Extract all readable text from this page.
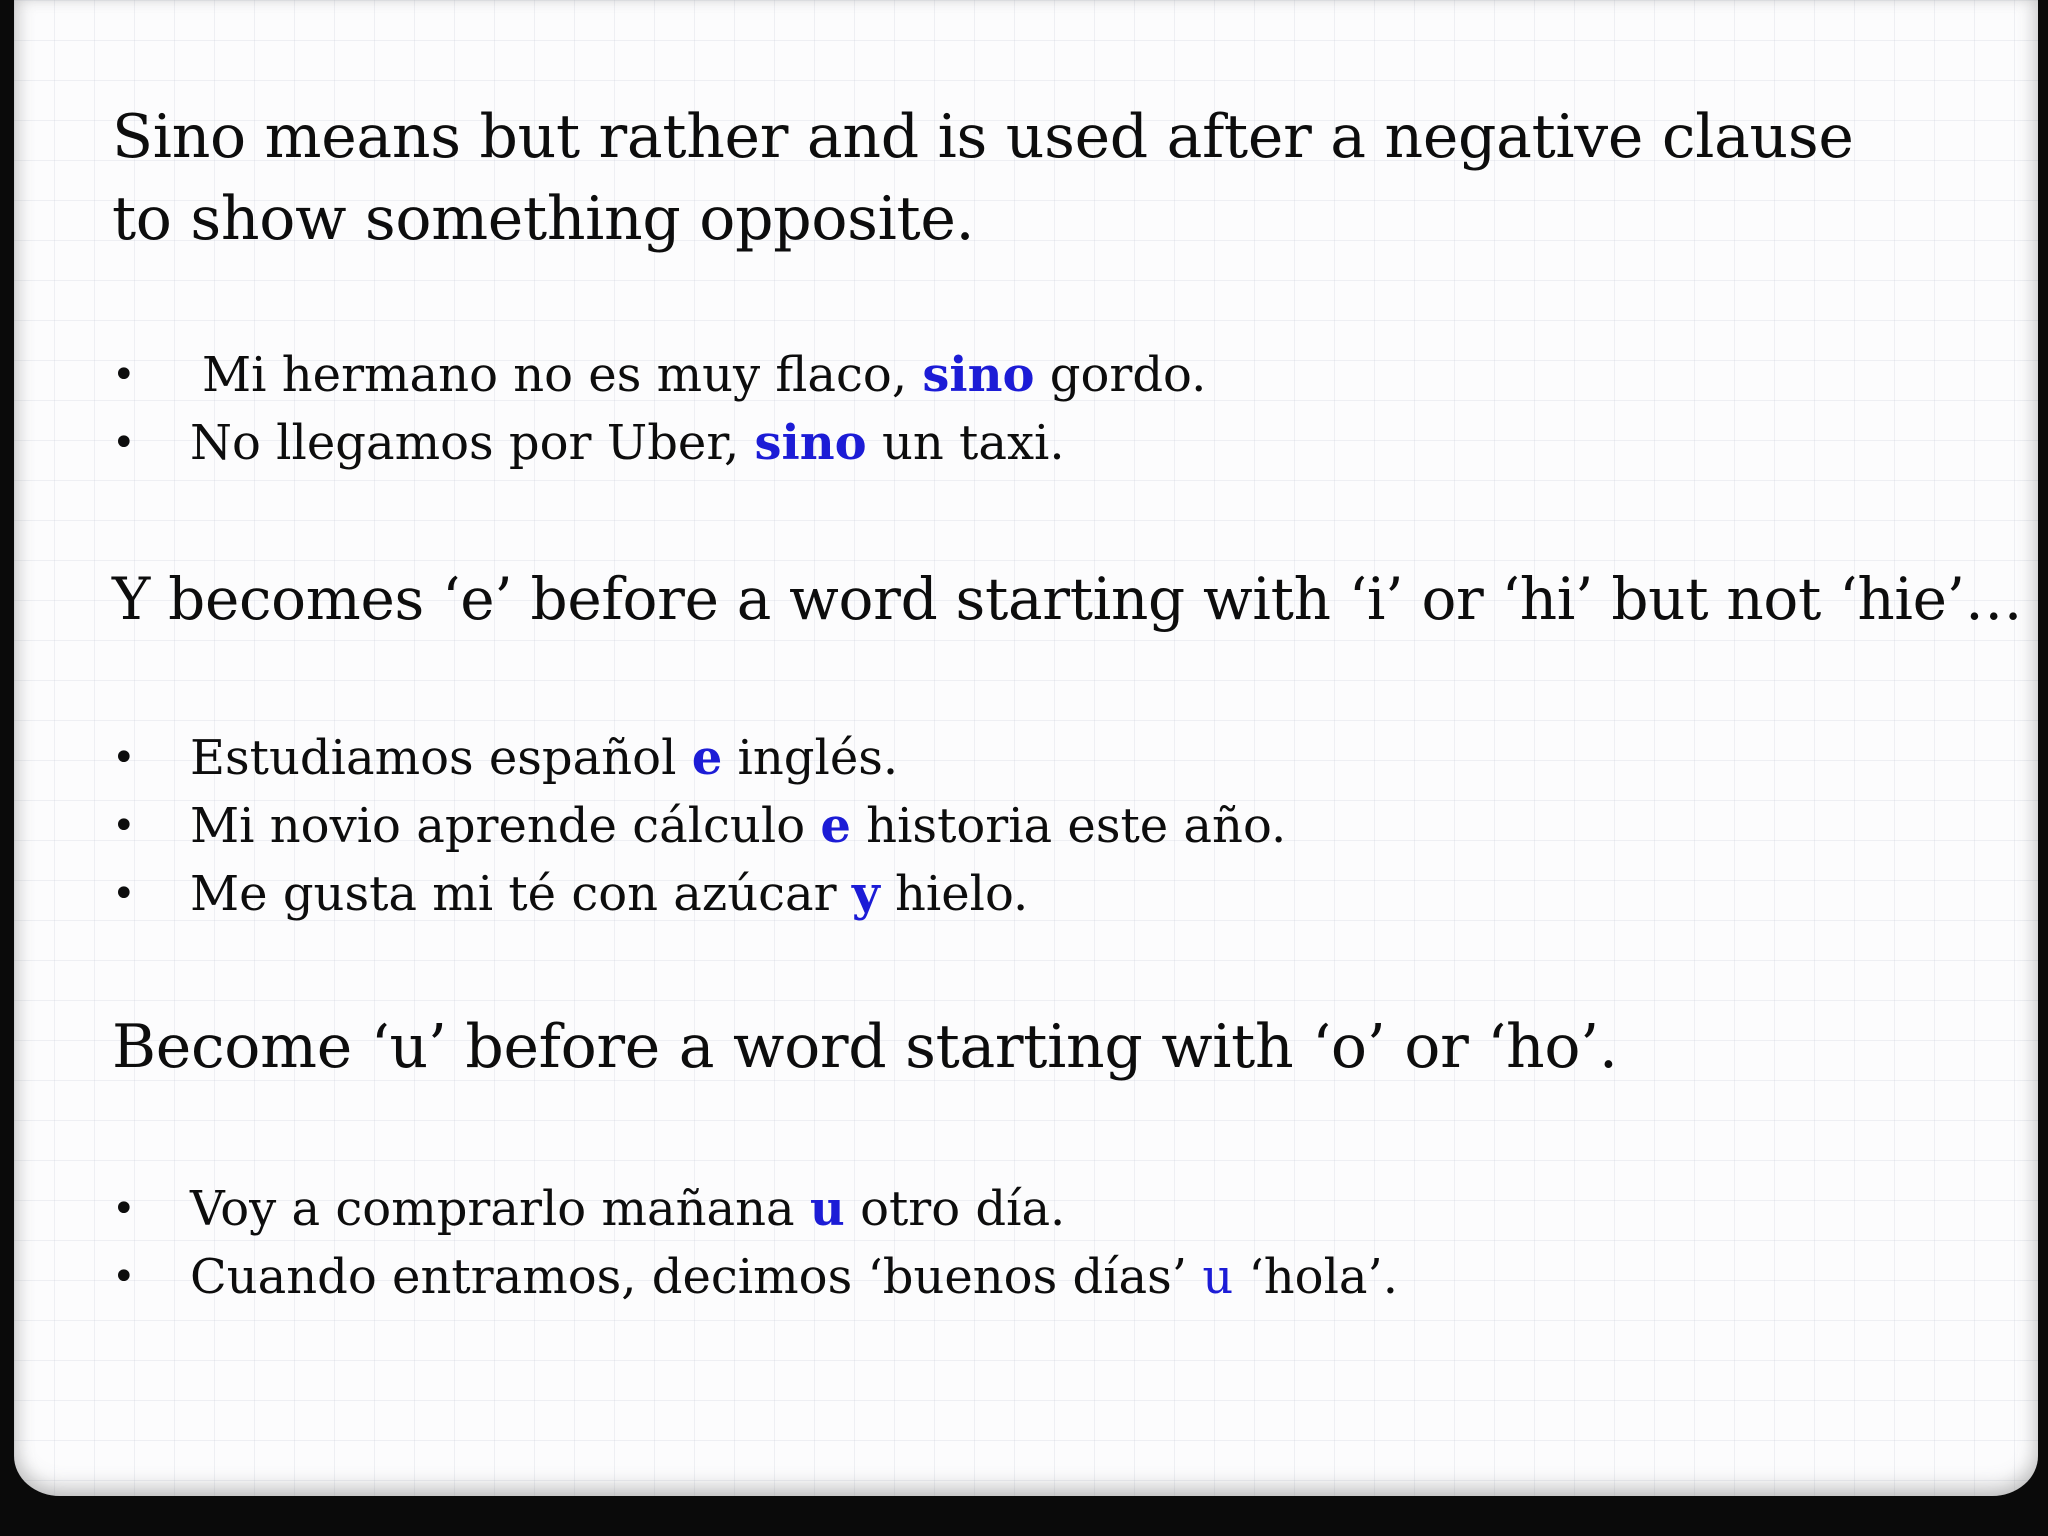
Sino means but rather and is used after a negative clause to show something opposite.

• Mi hermano no es muy flaco, sino gordo.
• No llegamos por Uber, sino un taxi.

Y becomes ‘e’ before a word starting with ‘i’ or ‘hi’ but not ‘hie’…

• Estudiamos español e inglés.
• Mi novio aprende cálculo e historia este año.
• Me gusta mi té con azúcar y hielo.

Become ‘u’ before a word starting with ‘o’ or ‘ho’.

• Voy a comprarlo mañana u otro día.
• Cuando entramos, decimos ‘buenos días’ u ‘hola’.
